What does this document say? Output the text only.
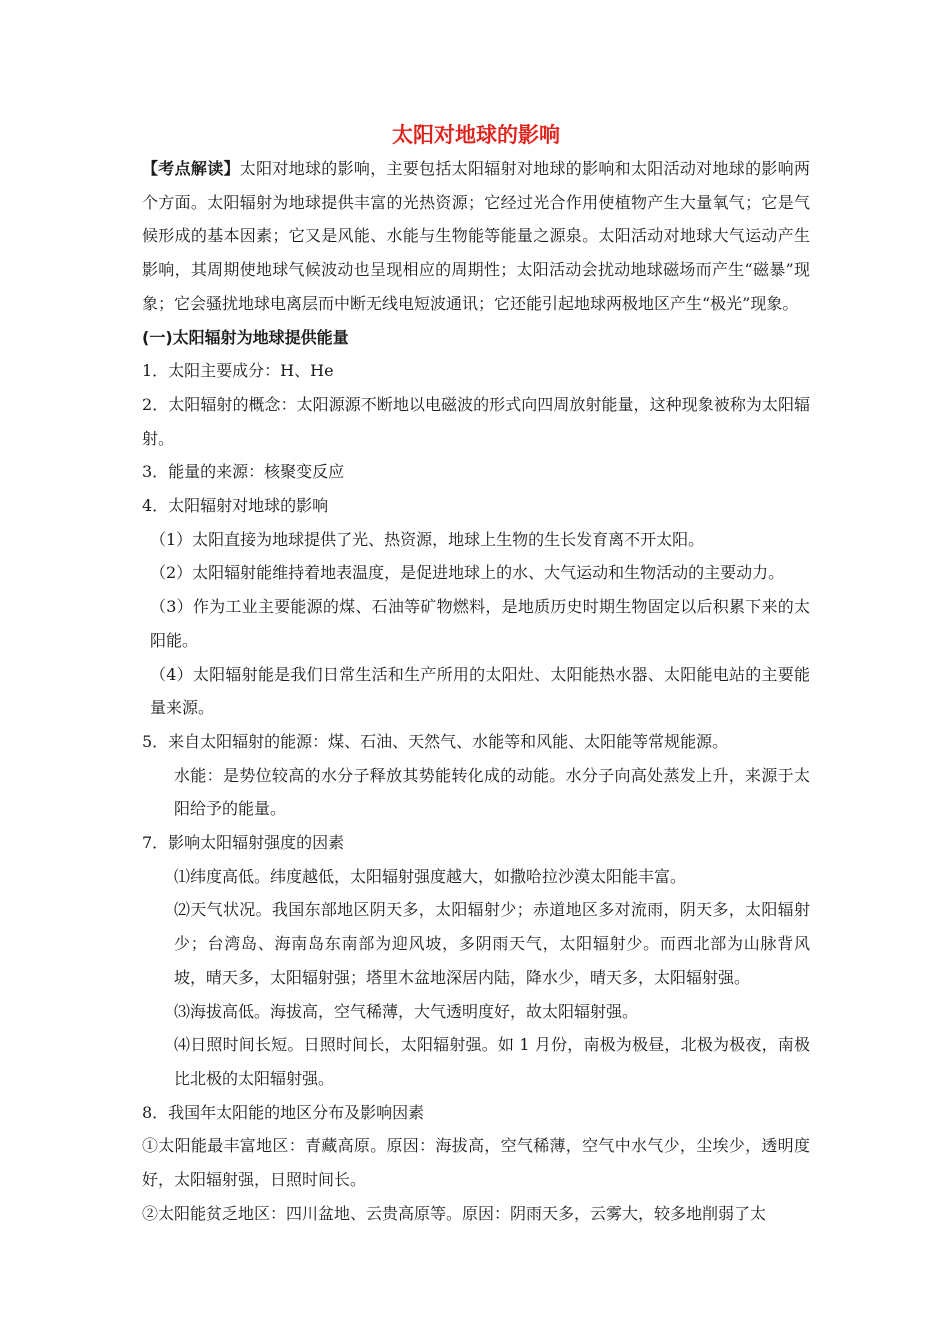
太阳对地球的影响

【考点解读】太阳对地球的影响，主要包括太阳辐射对地球的影响和太阳活动对地球的影响两个方面。太阳辐射为地球提供丰富的光热资源；它经过光合作用使植物产生大量氧气；它是气候形成的基本因素；它又是风能、水能与生物能等能量之源泉。太阳活动对地球大气运动产生影响，其周期使地球气候波动也呈现相应的周期性；太阳活动会扰动地球磁场而产生“磁暴”现象；它会骚扰地球电离层而中断无线电短波通讯；它还能引起地球两极地区产生“极光”现象。

(一)太阳辐射为地球提供能量

1．太阳主要成分：H、He

2．太阳辐射的概念：太阳源源不断地以电磁波的形式向四周放射能量，这种现象被称为太阳辐射。

3．能量的来源：核聚变反应

4．太阳辐射对地球的影响

（1）太阳直接为地球提供了光、热资源，地球上生物的生长发育离不开太阳。

（2）太阳辐射能维持着地表温度，是促进地球上的水、大气运动和生物活动的主要动力。

（3）作为工业主要能源的煤、石油等矿物燃料，是地质历史时期生物固定以后积累下来的太阳能。

（4）太阳辐射能是我们日常生活和生产所用的太阳灶、太阳能热水器、太阳能电站的主要能量来源。

5．来自太阳辐射的能源：煤、石油、天然气、水能等和风能、太阳能等常规能源。

水能：是势位较高的水分子释放其势能转化成的动能。水分子向高处蒸发上升，来源于太阳给予的能量。

7．影响太阳辐射强度的因素

⑴纬度高低。纬度越低，太阳辐射强度越大，如撒哈拉沙漠太阳能丰富。

⑵天气状况。我国东部地区阴天多，太阳辐射少；赤道地区多对流雨，阴天多，太阳辐射少；台湾岛、海南岛东南部为迎风坡，多阴雨天气，太阳辐射少。而西北部为山脉背风坡，晴天多，太阳辐射强；塔里木盆地深居内陆，降水少，晴天多，太阳辐射强。

⑶海拔高低。海拔高，空气稀薄，大气透明度好，故太阳辐射强。

⑷日照时间长短。日照时间长，太阳辐射强。如 1 月份，南极为极昼，北极为极夜，南极比北极的太阳辐射强。

8．我国年太阳能的地区分布及影响因素

①太阳能最丰富地区：青藏高原。原因：海拔高，空气稀薄，空气中水气少，尘埃少，透明度好，太阳辐射强，日照时间长。

②太阳能贫乏地区：四川盆地、云贵高原等。原因：阴雨天多，云雾大，较多地削弱了太
